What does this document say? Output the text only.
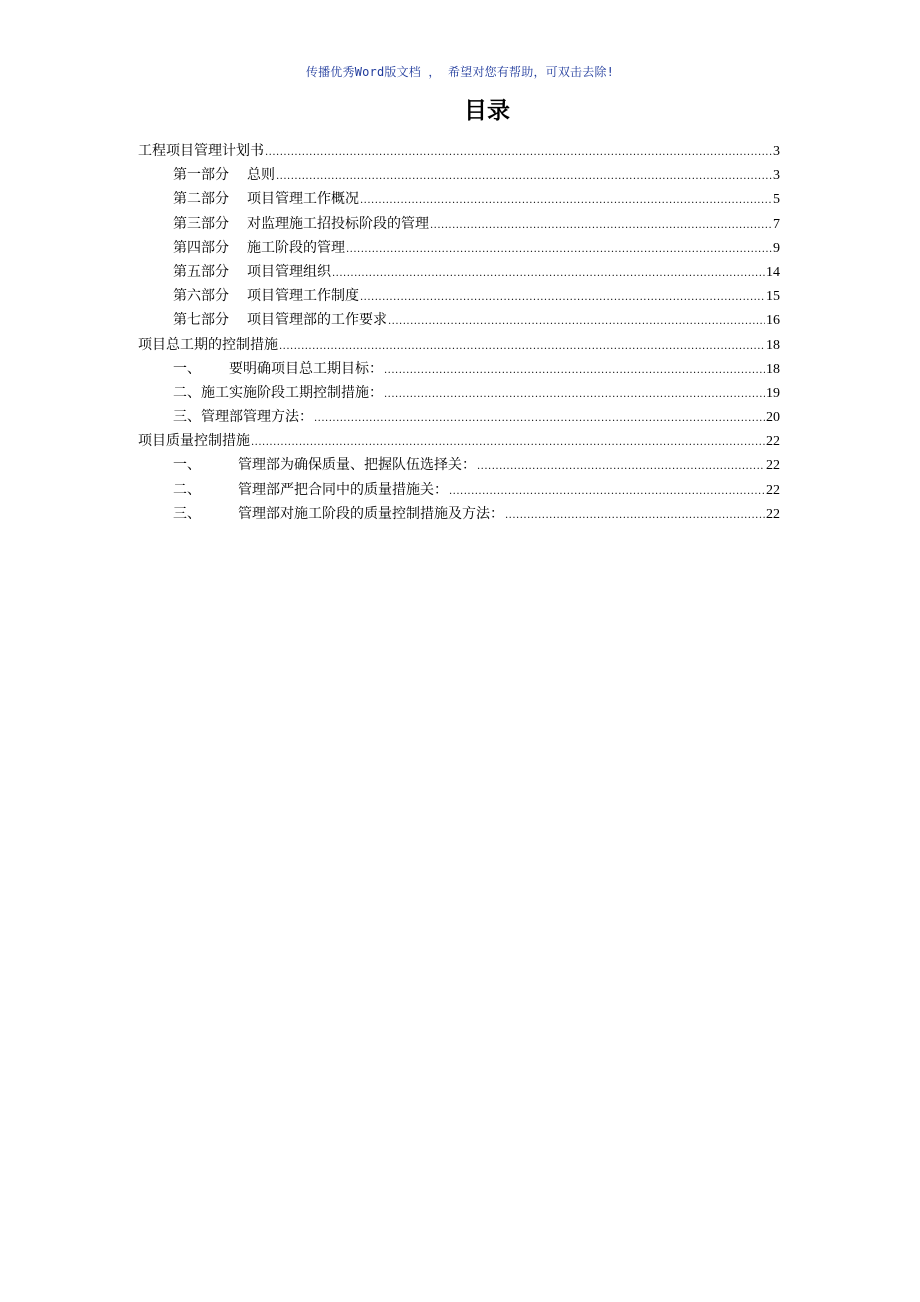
传播优秀Word版文档 ， 希望对您有帮助，可双击去除!
目录
工程项目管理计划书 .....	3
第一部分 总则 .....	3
第二部分 项目管理工作概况 .....	5
第三部分 对监理施工招投标阶段的管理 .....	7
第四部分 施工阶段的管理 .....	9
第五部分 项目管理组织 .....	14
第六部分 项目管理工作制度 .....	15
第七部分 项目管理部的工作要求 .....	16
项目总工期的控制措施 .....	18
一、 要明确项目总工期目标： .....	18
二、施工实施阶段工期控制措施： .....	19
三、管理部管理方法： .....	20
项目质量控制措施 .....	22
一、	管理部为确保质量、把握队伍选择关： .....	22
二、	管理部严把合同中的质量措施关： .....	22
三、	管理部对施工阶段的质量控制措施及方法： .....	22
